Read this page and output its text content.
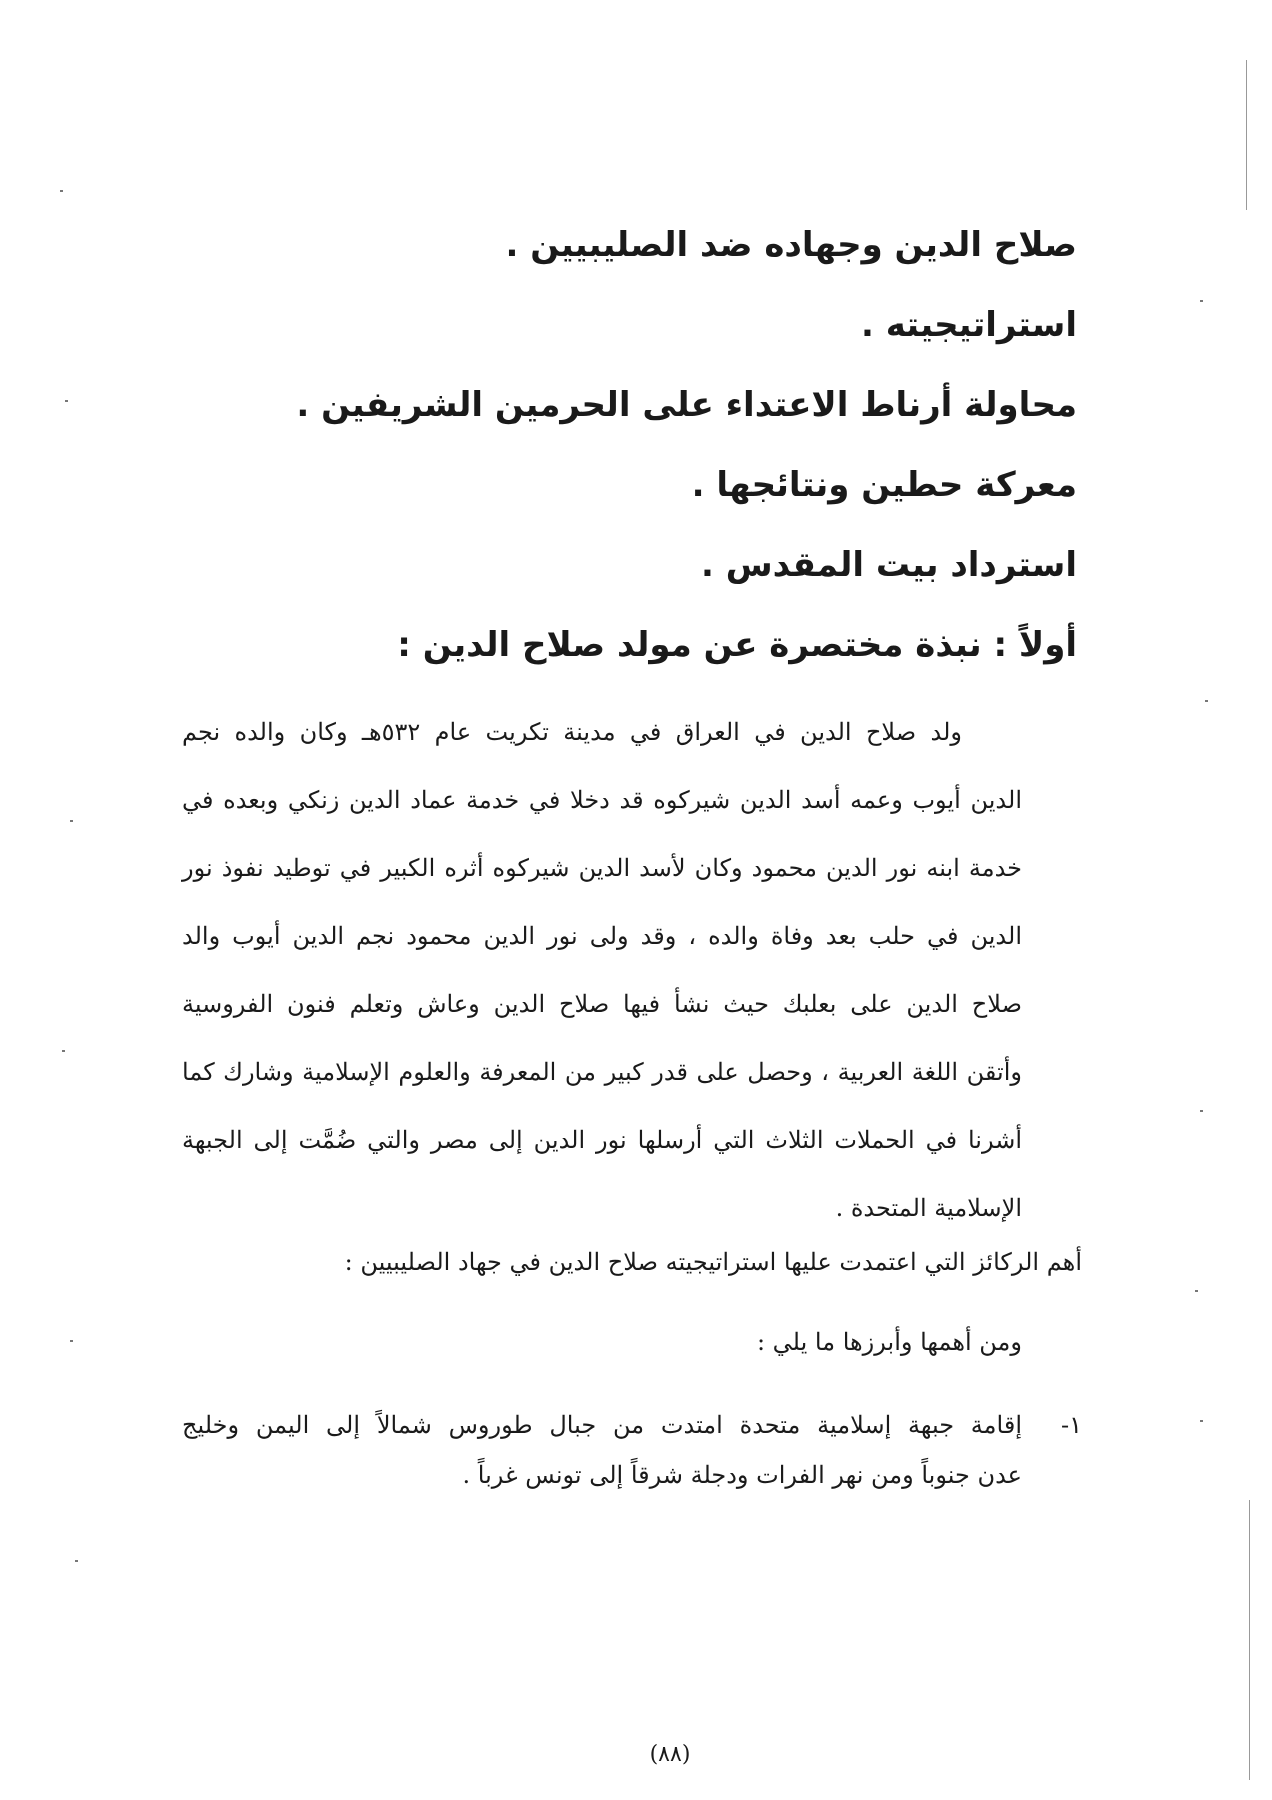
صلاح الدين وجهاده ضد الصليبيين .
استراتيجيته .
محاولة أرناط الاعتداء على الحرمين الشريفين .
معركة حطين ونتائجها .
استرداد بيت المقدس .
أولاً : نبذة مختصرة عن مولد صلاح الدين :
ولد صلاح الدين في العراق في مدينة تكريت عام ٥٣٢هـ وكان والده نجم
الدين أيوب وعمه أسد الدين شيركوه قد دخلا في خدمة عماد الدين زنكي وبعده في
خدمة ابنه نور الدين محمود وكان لأسد الدين شيركوه أثره الكبير في توطيد نفوذ نور
الدين في حلب بعد وفاة والده ، وقد ولى نور الدين محمود نجم الدين أيوب والد
صلاح الدين على بعلبك حيث نشأ فيها صلاح الدين وعاش وتعلم فنون الفروسية
وأتقن اللغة العربية ، وحصل على قدر كبير من المعرفة والعلوم الإسلامية وشارك كما
أشرنا في الحملات الثلاث التي أرسلها نور الدين إلى مصر والتي ضُمَّت إلى الجبهة
الإسلامية المتحدة .
أهم الركائز التي اعتمدت عليها استراتيجيته صلاح الدين في جهاد الصليبيين :
ومن أهمها وأبرزها ما يلي :
١-
إقامة جبهة إسلامية متحدة امتدت من جبال طوروس شمالاً إلى اليمن وخليج
عدن جنوباً ومن نهر الفرات ودجلة شرقاً إلى تونس غرباً .
(٨٨)
